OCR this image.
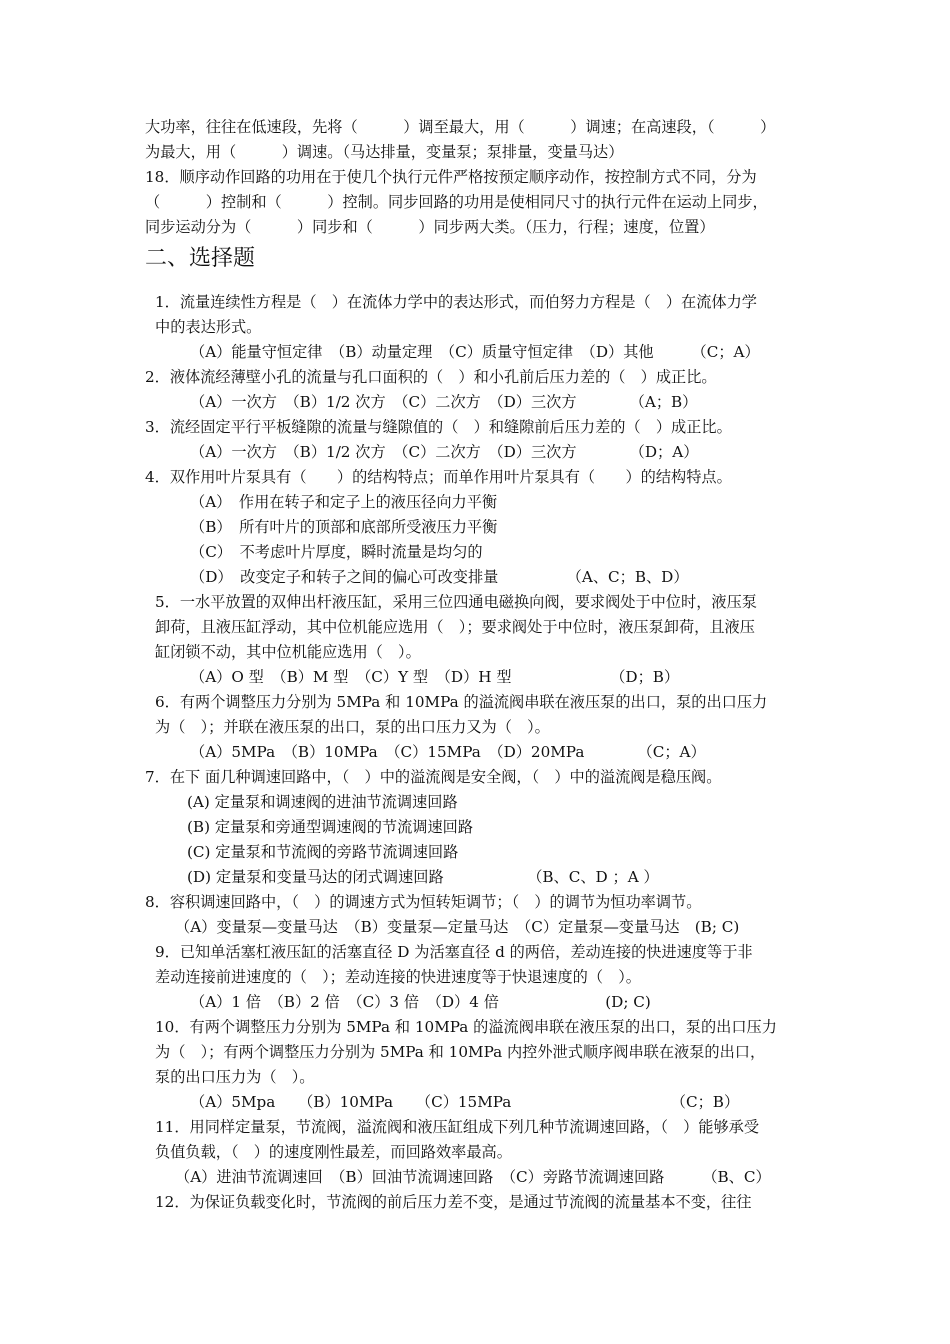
大功率，往往在低速段，先将（　　　）调至最大，用（　　　）调速；在高速段，（　　　）
为最大，用（　　　）调速。（马达排量，变量泵；泵排量，变量马达）
18．顺序动作回路的功用在于使几个执行元件严格按预定顺序动作，按控制方式不同，分为
（　　　）控制和（　　　）控制。同步回路的功用是使相同尺寸的执行元件在运动上同步，
同步运动分为（　　　）同步和（　　　）同步两大类。（压力，行程；速度，位置）
二、选择题
1．流量连续性方程是（　）在流体力学中的表达形式，而伯努力方程是（　）在流体力学
中的表达形式。
（A）能量守恒定律　（B）动量定理　（C）质量守恒定律　（D）其他　　　（C；A）
2．液体流经薄壁小孔的流量与孔口面积的（　）和小孔前后压力差的（　）成正比。
（A）一次方　（B）1/2 次方　（C）二次方　（D）三次方　　　　（A；B）
3．流经固定平行平板缝隙的流量与缝隙值的（　）和缝隙前后压力差的（　）成正比。
（A）一次方　（B）1/2 次方　（C）二次方　（D）三次方　　　　（D；A）
4．双作用叶片泵具有（　　）的结构特点；而单作用叶片泵具有（　　）的结构特点。
（A）　作用在转子和定子上的液压径向力平衡
（B）　所有叶片的顶部和底部所受液压力平衡
（C）　不考虑叶片厚度，瞬时流量是均匀的
（D）　改变定子和转子之间的偏心可改变排量　　　　　（A、C；B、D）
5．一水平放置的双伸出杆液压缸，采用三位四通电磁换向阀，要求阀处于中位时，液压泵
卸荷，且液压缸浮动，其中位机能应选用（　）；要求阀处于中位时，液压泵卸荷，且液压
缸闭锁不动，其中位机能应选用（　）。
（A）O 型　（B）M 型　（C）Y 型　（D）H 型　　　　　　　（D；B）
6．有两个调整压力分别为 5MPa 和 10MPa 的溢流阀串联在液压泵的出口，泵的出口压力
为（　）；并联在液压泵的出口，泵的出口压力又为（　）。
（A）5MPa　（B）10MPa　（C）15MPa　（D）20MPa　　　　（C；A）
7．在下 面几种调速回路中，（　）中的溢流阀是安全阀，（　）中的溢流阀是稳压阀。
(A) 定量泵和调速阀的进油节流调速回路
(B) 定量泵和旁通型调速阀的节流调速回路
(C) 定量泵和节流阀的旁路节流调速回路
(D) 定量泵和变量马达的闭式调速回路　　　　　　（B、C、D ；A ）
8．容积调速回路中，（　）的调速方式为恒转矩调节；（　）的调节为恒功率调节。
（A）变量泵—变量马达　（B）变量泵—定量马达　（C）定量泵—变量马达　(B; C)
9．已知单活塞杠液压缸的活塞直径 D 为活塞直径 d 的两倍，差动连接的快进速度等于非
差动连接前进速度的（　）；差动连接的快进速度等于快退速度的（　）。
（A）1 倍　（B）2 倍　（C）3 倍　（D）4 倍　　　　　　　(D; C)
10．有两个调整压力分别为 5MPa 和 10MPa 的溢流阀串联在液压泵的出口，泵的出口压力
为（　）；有两个调整压力分别为 5MPa 和 10MPa 内控外泄式顺序阀串联在液泵的出口，
泵的出口压力为（　）。
（A）5Mpa　　（B）10MPa　　（C）15MPa　　　　　　　　　　　（C；B）
11．用同样定量泵，节流阀，溢流阀和液压缸组成下列几种节流调速回路，（　）能够承受
负值负载，（　）的速度刚性最差，而回路效率最高。
（A）进油节流调速回　（B）回油节流调速回路　（C）旁路节流调速回路　　　（B、C）
12．为保证负载变化时，节流阀的前后压力差不变，是通过节流阀的流量基本不变，往往
